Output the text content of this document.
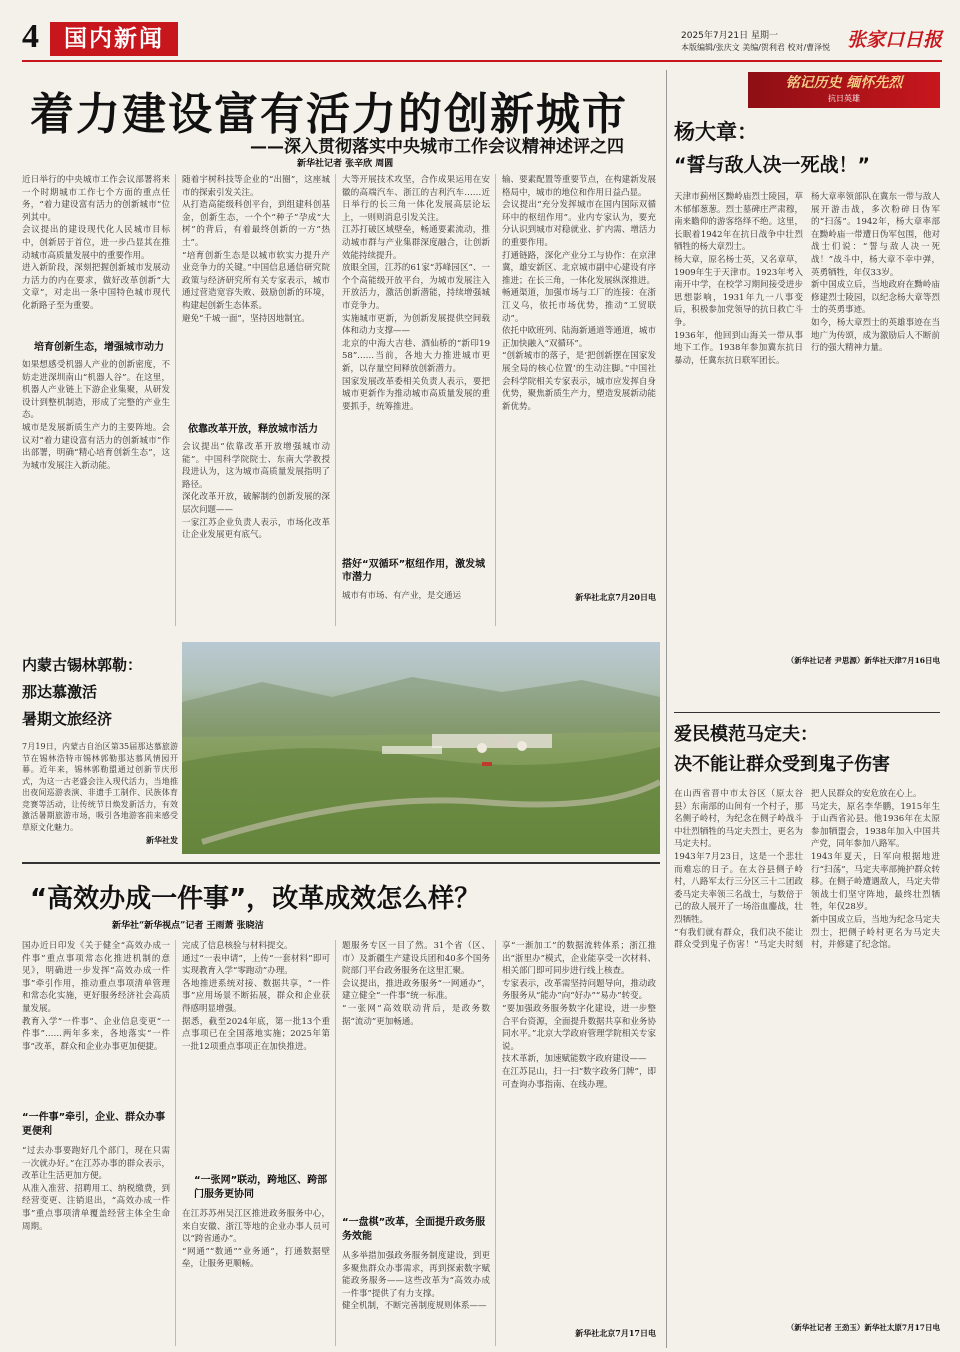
4	国内新闻	2025年7月21日 星期一
本版编辑/张庆文 美编/贺利君 校对/曹泽悦 张家口日报
着力建设富有活力的创新城市
——深入贯彻落实中央城市工作会议精神述评之四
新华社记者 张辛欣 周圆
近日举行的中央城市工作会议部署将来一个时期城市工作七个方面的重点任务，“着力建设富有活力的创新城市”位列其中。
会议提出的建设现代化人民城市目标中，创新居于首位，进一步凸显其在推动城市高质量发展中的重要作用。
进入新阶段，深刻把握创新城市发展动力活力的内在要求，做好改革创新“大文章”，对走出一条中国特色城市现代化新路子至为重要。
培育创新生态，增强城市动力
如果想感受机器人产业的创新密度，不妨走进深圳南山“机器人谷”。在这里，机器人产业链上下游企业集聚，从研发设计到整机制造，形成了完整的产业生态。
城市是发展新质生产力的主要阵地。会议对“着力建设富有活力的创新城市”作出部署，明确“精心培育创新生态”，这为城市发展注入新动能。
随着宇树科技等企业的“出圈”，这座城市的探索引发关注。
从打造高能级科创平台，到组建科创基金，创新生态，一个个“种子”孕成“大树”的背后，有着最终创新的一方“热土”。
“培育创新生态是以城市软实力提升产业竞争力的关键。”中国信息通信研究院政策与经济研究所有关专家表示，城市通过营造宽容失败、鼓励创新的环境，构建起创新生态体系。
避免“千城一面”，坚持因地制宜。
依靠改革开放，释放城市活力
会议提出“依靠改革开放增强城市动能”。中国科学院院士、东南大学教授段进认为，这为城市高质量发展指明了路径。
深化改革开放，破解制约创新发展的深层次问题——
一家江苏企业负责人表示，市场化改革让企业发展更有底气。
大等开展技术攻坚，合作成果运用在安徽的高端汽车、浙江的吉利汽车……近日举行的长三角一体化发展高层论坛上，一则则消息引发关注。
江苏打破区域壁垒，畅通要素流动，推动城市群与产业集群深度融合，让创新效能持续提升。
放眼全国，江苏的61家“苏峰园区”、一个个高能级开放平台，为城市发展注入开放活力，激活创新潜能，持续增强城市竞争力。
实施城市更新，为创新发展提供空间载体和动力支撑——
北京的中海大吉巷、酒仙桥的“新印1958”……当前，各地大力推进城市更新，以存量空间释放创新潜力。
国家发展改革委相关负责人表示，要把城市更新作为推动城市高质量发展的重要抓手，统筹推进。
搭好“双循环”枢纽作用，激发城市潜力
城市有市场、有产业，是交通运
输、要素配置等重要节点，在构建新发展格局中，城市的地位和作用日益凸显。
会议提出“充分发挥城市在国内国际双循环中的枢纽作用”。业内专家认为，要充分认识到城市对稳就业、扩内需、增活力的重要作用。
打通链路，深化产业分工与协作：在京津冀，雄安新区、北京城市副中心建设有序推进；在长三角，一体化发展纵深推进。
畅通渠道，加强市场与工厂的连接：在浙江义乌，依托市场优势，推动“工贸联动”。
依托中欧班列、陆海新通道等通道，城市正加快融入“双循环”。
“创新城市的落子，是‘把创新摆在国家发展全局的核心位置’的生动注脚。”中国社会科学院相关专家表示，城市应发挥自身优势，聚焦新质生产力，塑造发展新动能新优势。
新华社北京7月20日电
内蒙古锡林郭勒：
那达慕激活
暑期文旅经济
7月19日，内蒙古自治区第35届那达慕旅游节在锡林浩特市锡林郭勒那达慕风情园开幕。近年来，锡林郭勒盟通过创新节庆形式，为这一古老盛会注入现代活力，当地推出夜间巡游表演、非遗手工制作、民族体育竞赛等活动，让传统节日焕发新活力，有效激活暑期旅游市场，吸引各地游客前来感受草原文化魅力。
新华社发
“高效办成一件事”，改革成效怎么样？
新华社“新华视点”记者 王雨萧 张晓洁
国办近日印发《关于健全“高效办成一件事”重点事项常态化推进机制的意见》，明确进一步发挥“高效办成一件事”牵引作用，推动重点事项清单管理和常态化实施，更好服务经济社会高质量发展。
教育入学“一件事”、企业信息变更“一件事”……两年多来，各地落实“一件事”改革，群众和企业办事更加便捷。
“一件事”牵引，企业、群众办事更便利
“过去办事要跑好几个部门，现在只需一次就办好。”在江苏办事的群众表示，改革让生活更加方便。
从准入准营、招聘用工、纳税缴费，到经营变更、注销退出，“高效办成一件事”重点事项清单覆盖经营主体全生命周期。
完成了信息核验与材料提交。
通过“一表申请”，上传“一套材料”即可实现教育入学“零跑动”办理。
各地推进系统对接、数据共享，“一件事”应用场景不断拓展，群众和企业获得感明显增强。
据悉，截至2024年底，第一批13个重点事项已在全国落地实施；2025年第一批12项重点事项正在加快推进。
“一张网”联动，跨地区、跨部门服务更协同
在江苏苏州吴江区推进政务服务中心，来自安徽、浙江等地的企业办事人员可以“跨省通办”。
“网通”“数通”“业务通”，打通数据壁垒，让服务更顺畅。
题服务专区一目了然。31个省（区、市）及新疆生产建设兵团和40多个国务院部门平台政务服务在这里汇聚。
会议提出，推进政务服务“一网通办”，建立健全“一件事”统一标准。
“一张网”高效联动背后，是政务数据“流动”更加畅通。
“一盘棋”改革，全面提升政务服务效能
从多举措加强政务服务制度建设，到更多聚焦群众办事需求，再到探索数字赋能政务服务——这些改革为“高效办成一件事”提供了有力支撑。
健全机制，不断完善制度规则体系——
享“一渐加工”的数据流转体系；浙江推出“浙里办”模式，企业能享受一次材料、相关部门即可同步进行线上核查。
专家表示，改革需坚持问题导向，推动政务服务从“能办”向“好办”“易办”转变。
“要加强政务服务数字化建设，进一步整合平台资源，全面提升数据共享和业务协同水平。”北京大学政府管理学院相关专家说。
技术革新，加速赋能数字政府建设——
在江苏昆山，扫一扫“数字政务门牌”，即可查询办事指南、在线办理。
新华社北京7月17日电
铭记历史 缅怀先烈
抗日英雄
杨大章：
“誓与敌人决一死战！”
天津市蓟州区黝岭庙烈士陵园，草木郁郁葱葱。烈士墓碑庄严肃穆，南来瞻仰的游客络绎不绝。这里，长眠着1942年在抗日战争中壮烈牺牲的杨大章烈士。
杨大章，原名杨士英，又名章草，1909年生于天津市。1923年考入南开中学，在校学习期间接受进步思想影响，1931年九一八事变后，积极参加党领导的抗日救亡斗争。
1936年，他回到山海关一带从事地下工作。1938年参加冀东抗日暴动，任冀东抗日联军团长。
杨大章率领部队在冀东一带与敌人展开游击战，多次粉碎日伪军的“扫荡”。1942年，杨大章率部在黝岭庙一带遭日伪军包围，他对战士们说：“誓与敌人决一死战！”战斗中，杨大章不幸中弹，英勇牺牲，年仅33岁。
新中国成立后，当地政府在黝岭庙修建烈士陵园，以纪念杨大章等烈士的英勇事迹。
如今，杨大章烈士的英雄事迹在当地广为传颂，成为激励后人不断前行的强大精神力量。
（新华社记者 尹思源）新华社天津7月16日电
爱民模范马定夫：
决不能让群众受到鬼子伤害
在山西省晋中市太谷区（原太谷县）东南部的山间有一个村子，那名侧子岭村，为纪念在侧子岭战斗中壮烈牺牲的马定夫烈士，更名为马定夫村。
1943年7月23日，这是一个悲壮而难忘的日子。在太谷县侧子岭村，八路军太行三分区三十二团政委马定夫率领三名战士，与数倍于己的敌人展开了一场浴血鏖战，壮烈牺牲。
“有我们就有群众，我们决不能让群众受到鬼子伤害！”马定夫时刻把人民群众的安危放在心上。
马定夫，原名李华鹏，1915年生于山西省沁县。他1936年在太原参加牺盟会，1938年加入中国共产党，同年参加八路军。
1943年夏天，日军向根据地进行“扫荡”，马定夫率部掩护群众转移。在侧子岭遭遇敌人，马定夫带领战士们坚守阵地，最终壮烈牺牲，年仅28岁。
新中国成立后，当地为纪念马定夫烈士，把侧子岭村更名为马定夫村，并修建了纪念馆。
（新华社记者 王劲玉）新华社太原7月17日电
